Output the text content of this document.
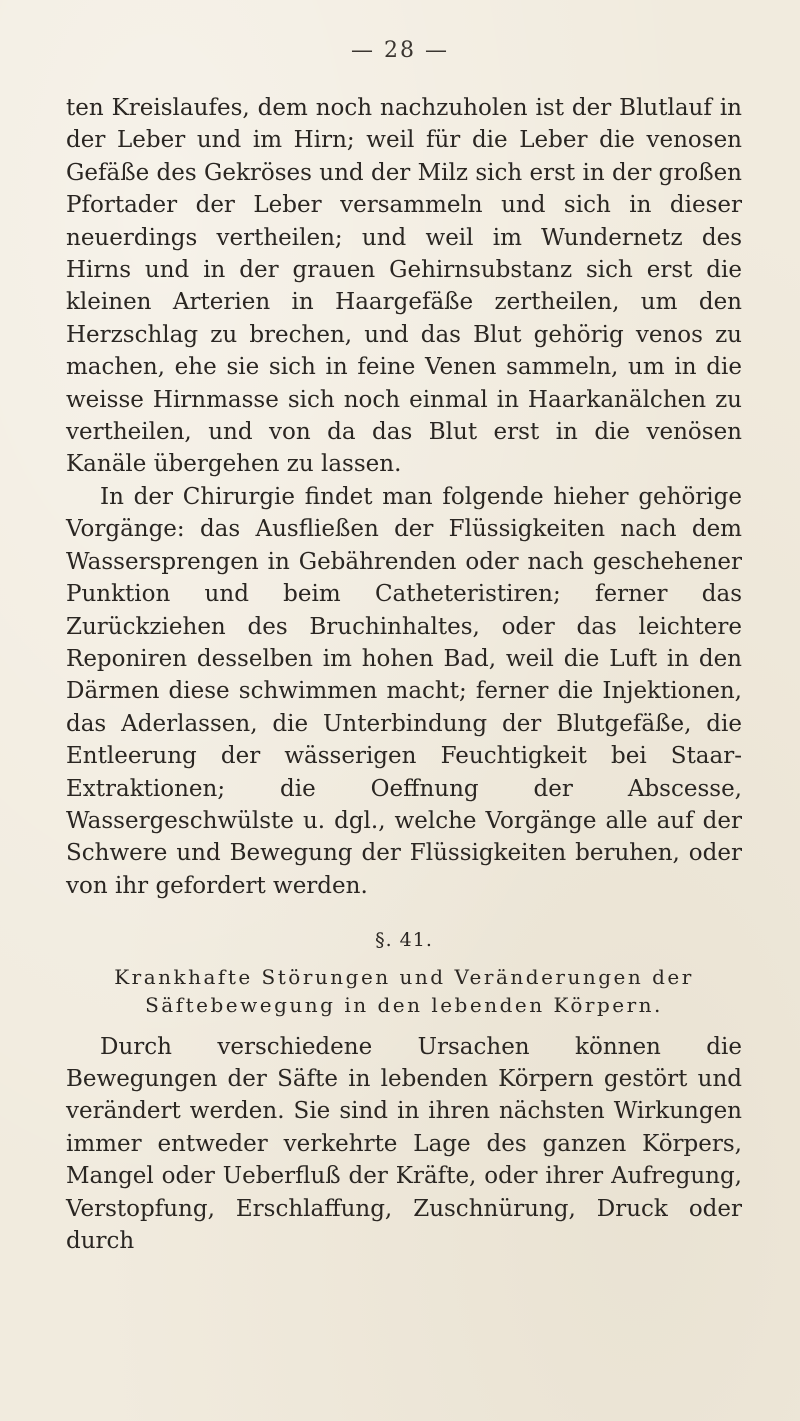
— 28 —

ten Kreislaufes, dem noch nachzuholen ist der Blutlauf in der Leber und im Hirn; weil für die Leber die venosen Gefäße des Gekröses und der Milz sich erst in der großen Pfortader der Leber versammeln und sich in dieser neuerdings vertheilen; und weil im Wundernetz des Hirns und in der grauen Gehirnsubstanz sich erst die kleinen Arterien in Haargefäße zertheilen, um den Herzschlag zu brechen, und das Blut gehörig venos zu machen, ehe sie sich in feine Venen sammeln, um in die weisse Hirnmasse sich noch einmal in Haarkanälchen zu vertheilen, und von da das Blut erst in die venösen Kanäle übergehen zu lassen.

In der Chirurgie findet man folgende hieher gehörige Vorgänge: das Ausfließen der Flüssigkeiten nach dem Wassersprengen in Gebährenden oder nach geschehener Punktion und beim Catheteristiren; ferner das Zurückziehen des Bruchinhaltes, oder das leichtere Reponiren desselben im hohen Bad, weil die Luft in den Därmen diese schwimmen macht; ferner die Injektionen, das Aderlassen, die Unterbindung der Blutgefäße, die Entleerung der wässerigen Feuchtigkeit bei Staar-Extraktionen; die Oeffnung der Abscesse, Wassergeschwülste u. dgl., welche Vorgänge alle auf der Schwere und Bewegung der Flüssigkeiten beruhen, oder von ihr gefordert werden.

§. 41.
Krankhafte Störungen und Veränderungen der Säftebewegung in den lebenden Körpern.

Durch verschiedene Ursachen können die Bewegungen der Säfte in lebenden Körpern gestört und verändert werden. Sie sind in ihren nächsten Wirkungen immer entweder verkehrte Lage des ganzen Körpers, Mangel oder Ueberfluß der Kräfte, oder ihrer Aufregung, Verstopfung, Erschlaffung, Zuschnürung, Druck oder durch
